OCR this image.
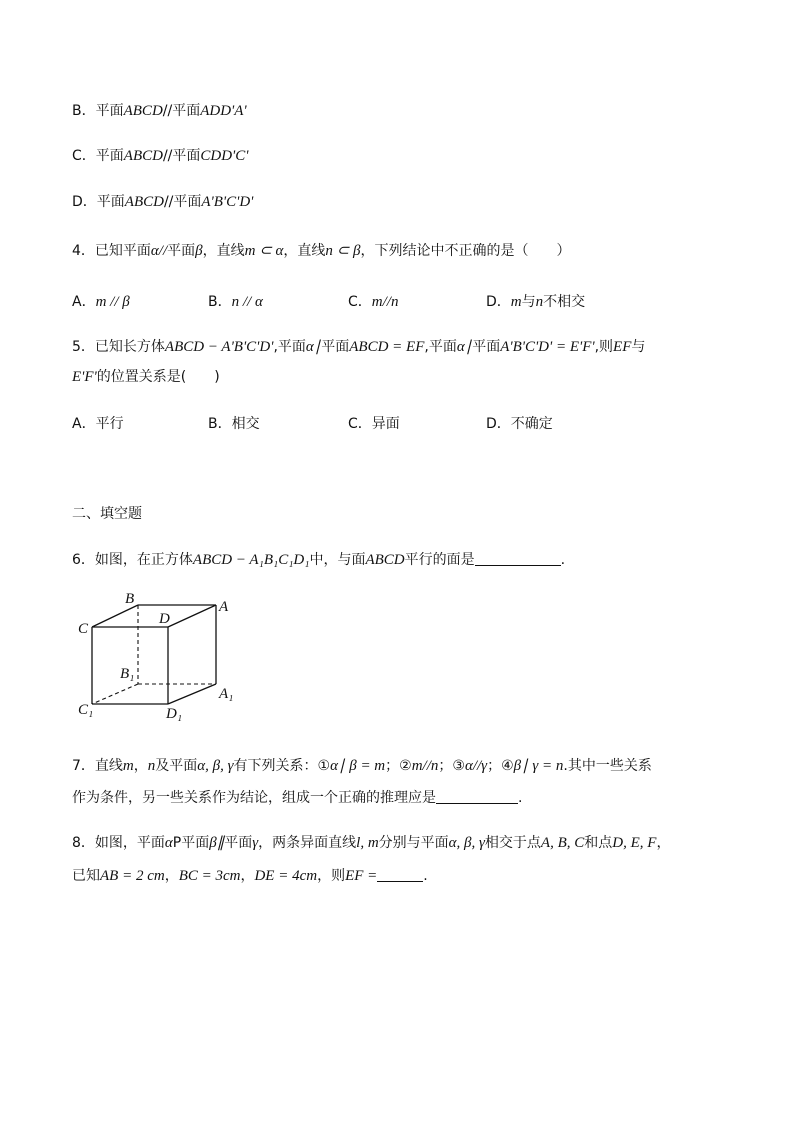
B．平面ABCD//平面ADD'A'
C．平面ABCD//平面CDD'C'
D．平面ABCD//平面A'B'C'D'
4．已知平面α//平面β，直线m ⊂ α，直线n ⊂ β，下列结论中不正确的是（　　）
A．m // β	B．n // α	C．m//n	D．m与n不相交
5．已知长方体ABCD − A'B'C'D',平面α∣平面ABCD = EF,平面α∣平面A'B'C'D' = E'F',则EF与
E'F'的位置关系是(　　)
A．平行	B．相交	C．异面	D．不确定
二、填空题
6．如图，在正方体ABCD − A₁B₁C₁D₁中，与面ABCD平行的面是	.
B	A
C
D
B₁
A₁
C₁	D₁
7．直线m，n及平面α, β, γ有下列关系：①α∣ β = m；②m//n；③α//γ；④β∣ γ = n.其中一些关系
作为条件，另一些关系作为结论，组成一个正确的推理应是	.
8．如图，平面αP平面β∥平面γ，两条异面直线l, m分别与平面α, β, γ相交于点A, B, C和点D, E, F，
已知AB = 2 cm，BC = 3cm，DE = 4cm，则EF =	.
